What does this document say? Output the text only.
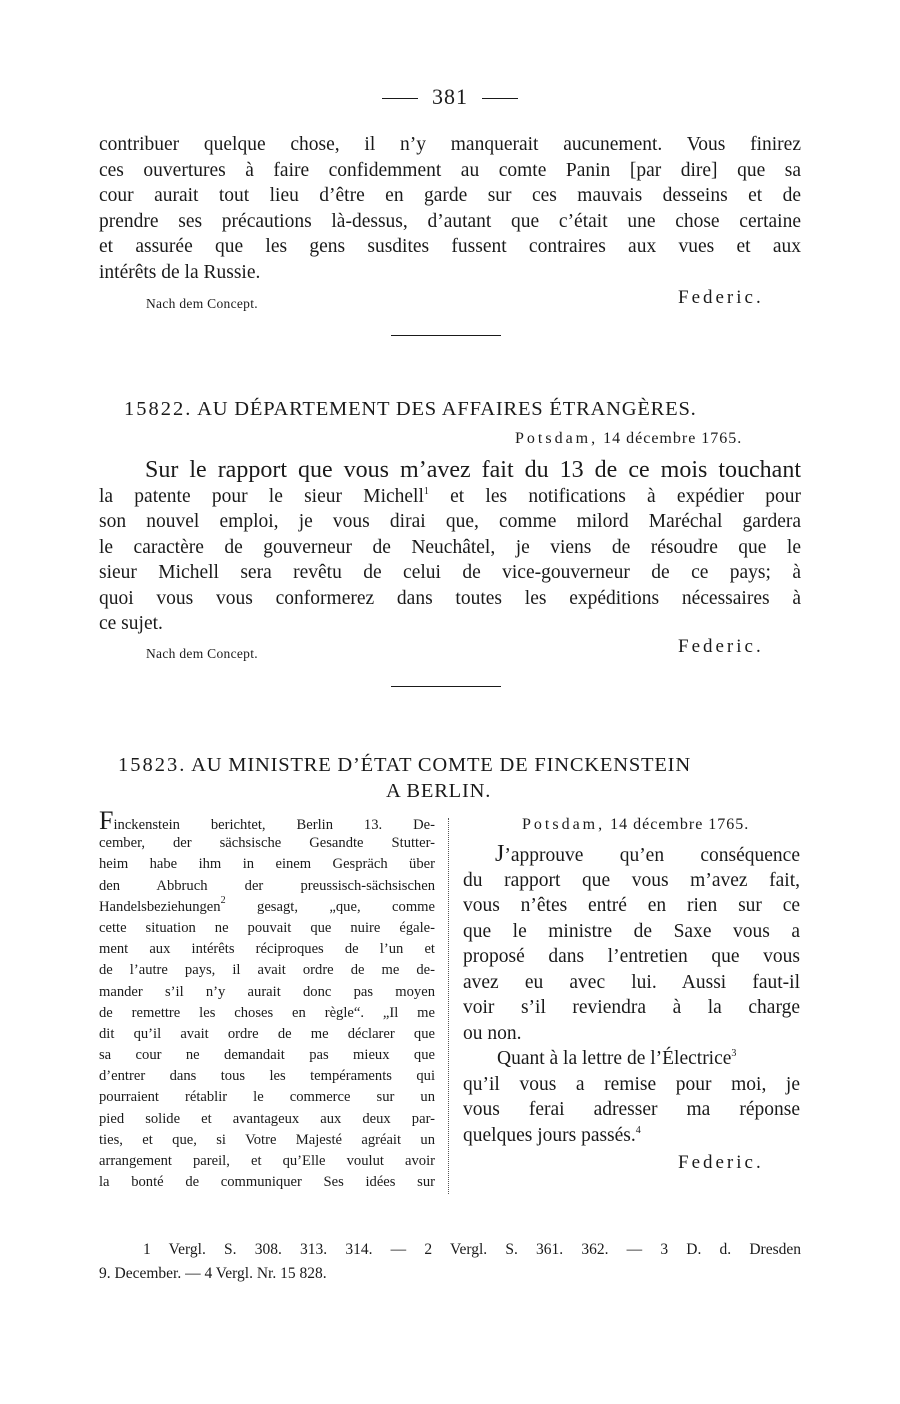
381
contribuer quelque chose, il n’y manquerait aucunement. Vous finirez
ces ouvertures à faire confidemment au comte Panin [par dire] que sa
cour aurait tout lieu d’être en garde sur ces mauvais desseins et de
prendre ses précautions là-dessus, d’autant que c’était une chose certaine
et assurée que les gens susdites fussent contraires aux vues et aux
intérêts de la Russie.
Nach dem Concept.	Federic.
15822. AU DÉPARTEMENT DES AFFAIRES ÉTRANGÈRES.
Potsdam, 14 décembre 1765.
Sur le rapport que vous m’avez fait du 13 de ce mois touchant
la patente pour le sieur Michell$^1$ et les notifications à expédier pour
son nouvel emploi, je vous dirai que, comme milord Maréchal gardera
le caractère de gouverneur de Neuchâtel, je viens de résoudre que le
sieur Michell sera revêtu de celui de vice-gouverneur de ce pays; à
quoi vous vous conformerez dans toutes les expéditions nécessaires à
ce sujet.
Nach dem Concept.	Federic.
15823. AU MINISTRE D’ÉTAT COMTE DE FINCKENSTEIN
A BERLIN.
Finckenstein berichtet, Berlin 13. De-
cember, der sächsische Gesandte Stutter-
heim habe ihm in einem Gespräch über
den Abbruch der preussisch-sächsischen
Handelsbeziehungen$^2$ gesagt, „que, comme
cette situation ne pouvait que nuire égale-
ment aux intérêts réciproques de l’un et
de l’autre pays, il avait ordre de me de-
mander s’il n’y aurait donc pas moyen
de remettre les choses en règle“. „Il me
dit qu’il avait ordre de me déclarer que
sa cour ne demandait pas mieux que
d’entrer dans tous les tempéraments qui
pourraient rétablir le commerce sur un
pied solide et avantageux aux deux par-
ties, et que, si Votre Majesté agréait un
arrangement pareil, et qu’Elle voulut avoir
la bonté de communiquer Ses idées sur
Potsdam, 14 décembre 1765.
J’approuve qu’en conséquence
du rapport que vous m’avez fait,
vous n’êtes entré en rien sur ce
que le ministre de Saxe vous a
proposé dans l’entretien que vous
avez eu avec lui. Aussi faut-il
voir s’il reviendra à la charge
ou non.
Quant à la lettre de l’Électrice$^3$
qu’il vous a remise pour moi, je
vous ferai adresser ma réponse
quelques jours passés.$^4$
Federic.
1 Vergl. S. 308. 313. 314. — 2 Vergl. S. 361. 362. — 3 D. d. Dresden
9. December. — 4 Vergl. Nr. 15 828.
